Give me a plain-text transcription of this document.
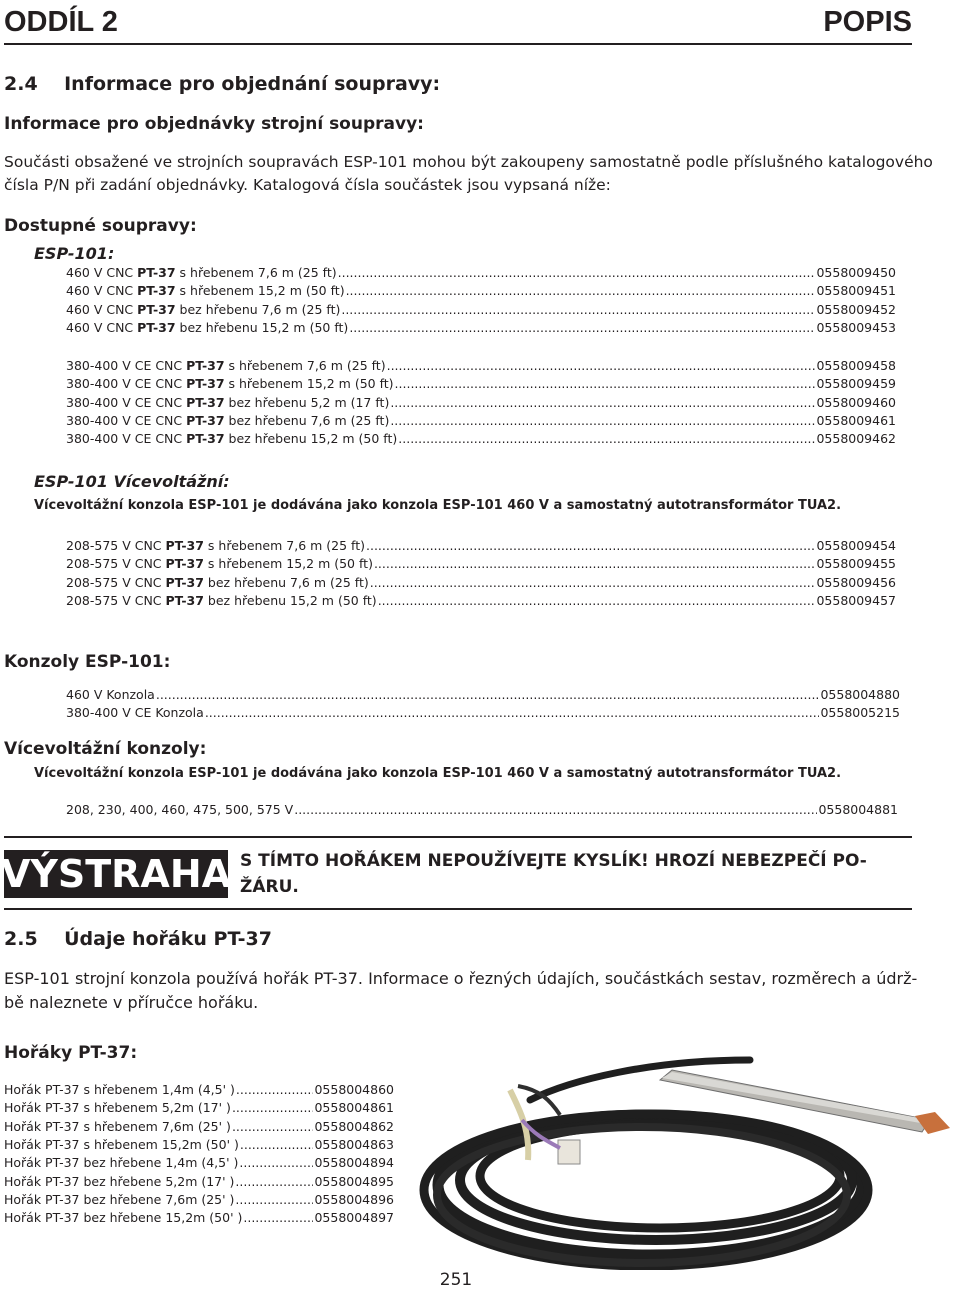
ODDÍL 2	POPIS
2.4    Informace pro objednání soupravy:
Informace pro objednávky strojní soupravy:
Součásti obsažené ve strojních soupravách ESP-101 mohou být zakoupeny samostatně podle příslušného katalogového
čísla P/N při zadání objednávky. Katalogová čísla součástek jsou vypsaná níže:
Dostupné soupravy:
ESP-101:
460 V CNC PT-37 s hřebenem 7,6 m (25 ft) .....	0558009450
460 V CNC PT-37 s hřebenem 15,2 m (50 ft) .....	0558009451
460 V CNC PT-37 bez hřebenu 7,6 m (25 ft) .....	0558009452
460 V CNC PT-37 bez hřebenu 15,2 m (50 ft) .....	0558009453
380-400 V CE CNC PT-37 s hřebenem 7,6 m (25 ft) .....	0558009458
380-400 V CE CNC PT-37 s hřebenem 15,2 m (50 ft) .....	0558009459
380-400 V CE CNC PT-37 bez hřebenu 5,2 m (17 ft) .....	0558009460
380-400 V CE CNC PT-37 bez hřebenu 7,6 m (25 ft) .....	0558009461
380-400 V CE CNC PT-37 bez hřebenu 15,2 m (50 ft) .....	0558009462
ESP-101 Vícevoltážní:
Vícevoltážní konzola ESP-101 je dodávána jako konzola ESP-101 460 V a samostatný autotransformátor TUA2.
208-575 V CNC PT-37 s hřebenem 7,6 m (25 ft) .....	0558009454
208-575 V CNC PT-37 s hřebenem 15,2 m (50 ft) .....	0558009455
208-575 V CNC PT-37 bez hřebenu 7,6 m (25 ft) .....	0558009456
208-575 V CNC PT-37 bez hřebenu 15,2 m (50 ft) .....	0558009457
Konzoly ESP-101:
460 V Konzola .....	0558004880
380-400 V CE Konzola .....	0558005215
Vícevoltážní konzoly:
Vícevoltážní konzola ESP-101 je dodávána jako konzola ESP-101 460 V a samostatný autotransformátor TUA2.
208, 230, 400, 460, 475, 500, 575 V .....	0558004881
VÝSTRAHA S TÍMTO HOŘÁKEM NEPOUŽÍVEJTE KYSLÍK! HROZÍ NEBEZPEČÍ PO-
ŽÁRU.
2.5    Údaje hořáku PT-37
ESP-101 strojní konzola používá hořák PT-37. Informace o řezných údajích, součástkách sestav, rozměrech a údrž-
bě naleznete v příručce hořáku.
Hořáky PT-37:
Hořák PT-37 s hřebenem 1,4m (4,5' ) .....	0558004860
Hořák PT-37 s hřebenem 5,2m (17' ) .....	0558004861
Hořák PT-37 s hřebenem 7,6m (25' ) .....	0558004862
Hořák PT-37 s hřebenem 15,2m (50' ) .....	0558004863
Hořák PT-37 bez hřebene 1,4m (4,5' ) .....	0558004894
Hořák PT-37 bez hřebene 5,2m (17' ) .....	0558004895
Hořák PT-37 bez hřebene 7,6m (25' ) .....	0558004896
Hořák PT-37 bez hřebene 15,2m (50' ) .....	0558004897
251
